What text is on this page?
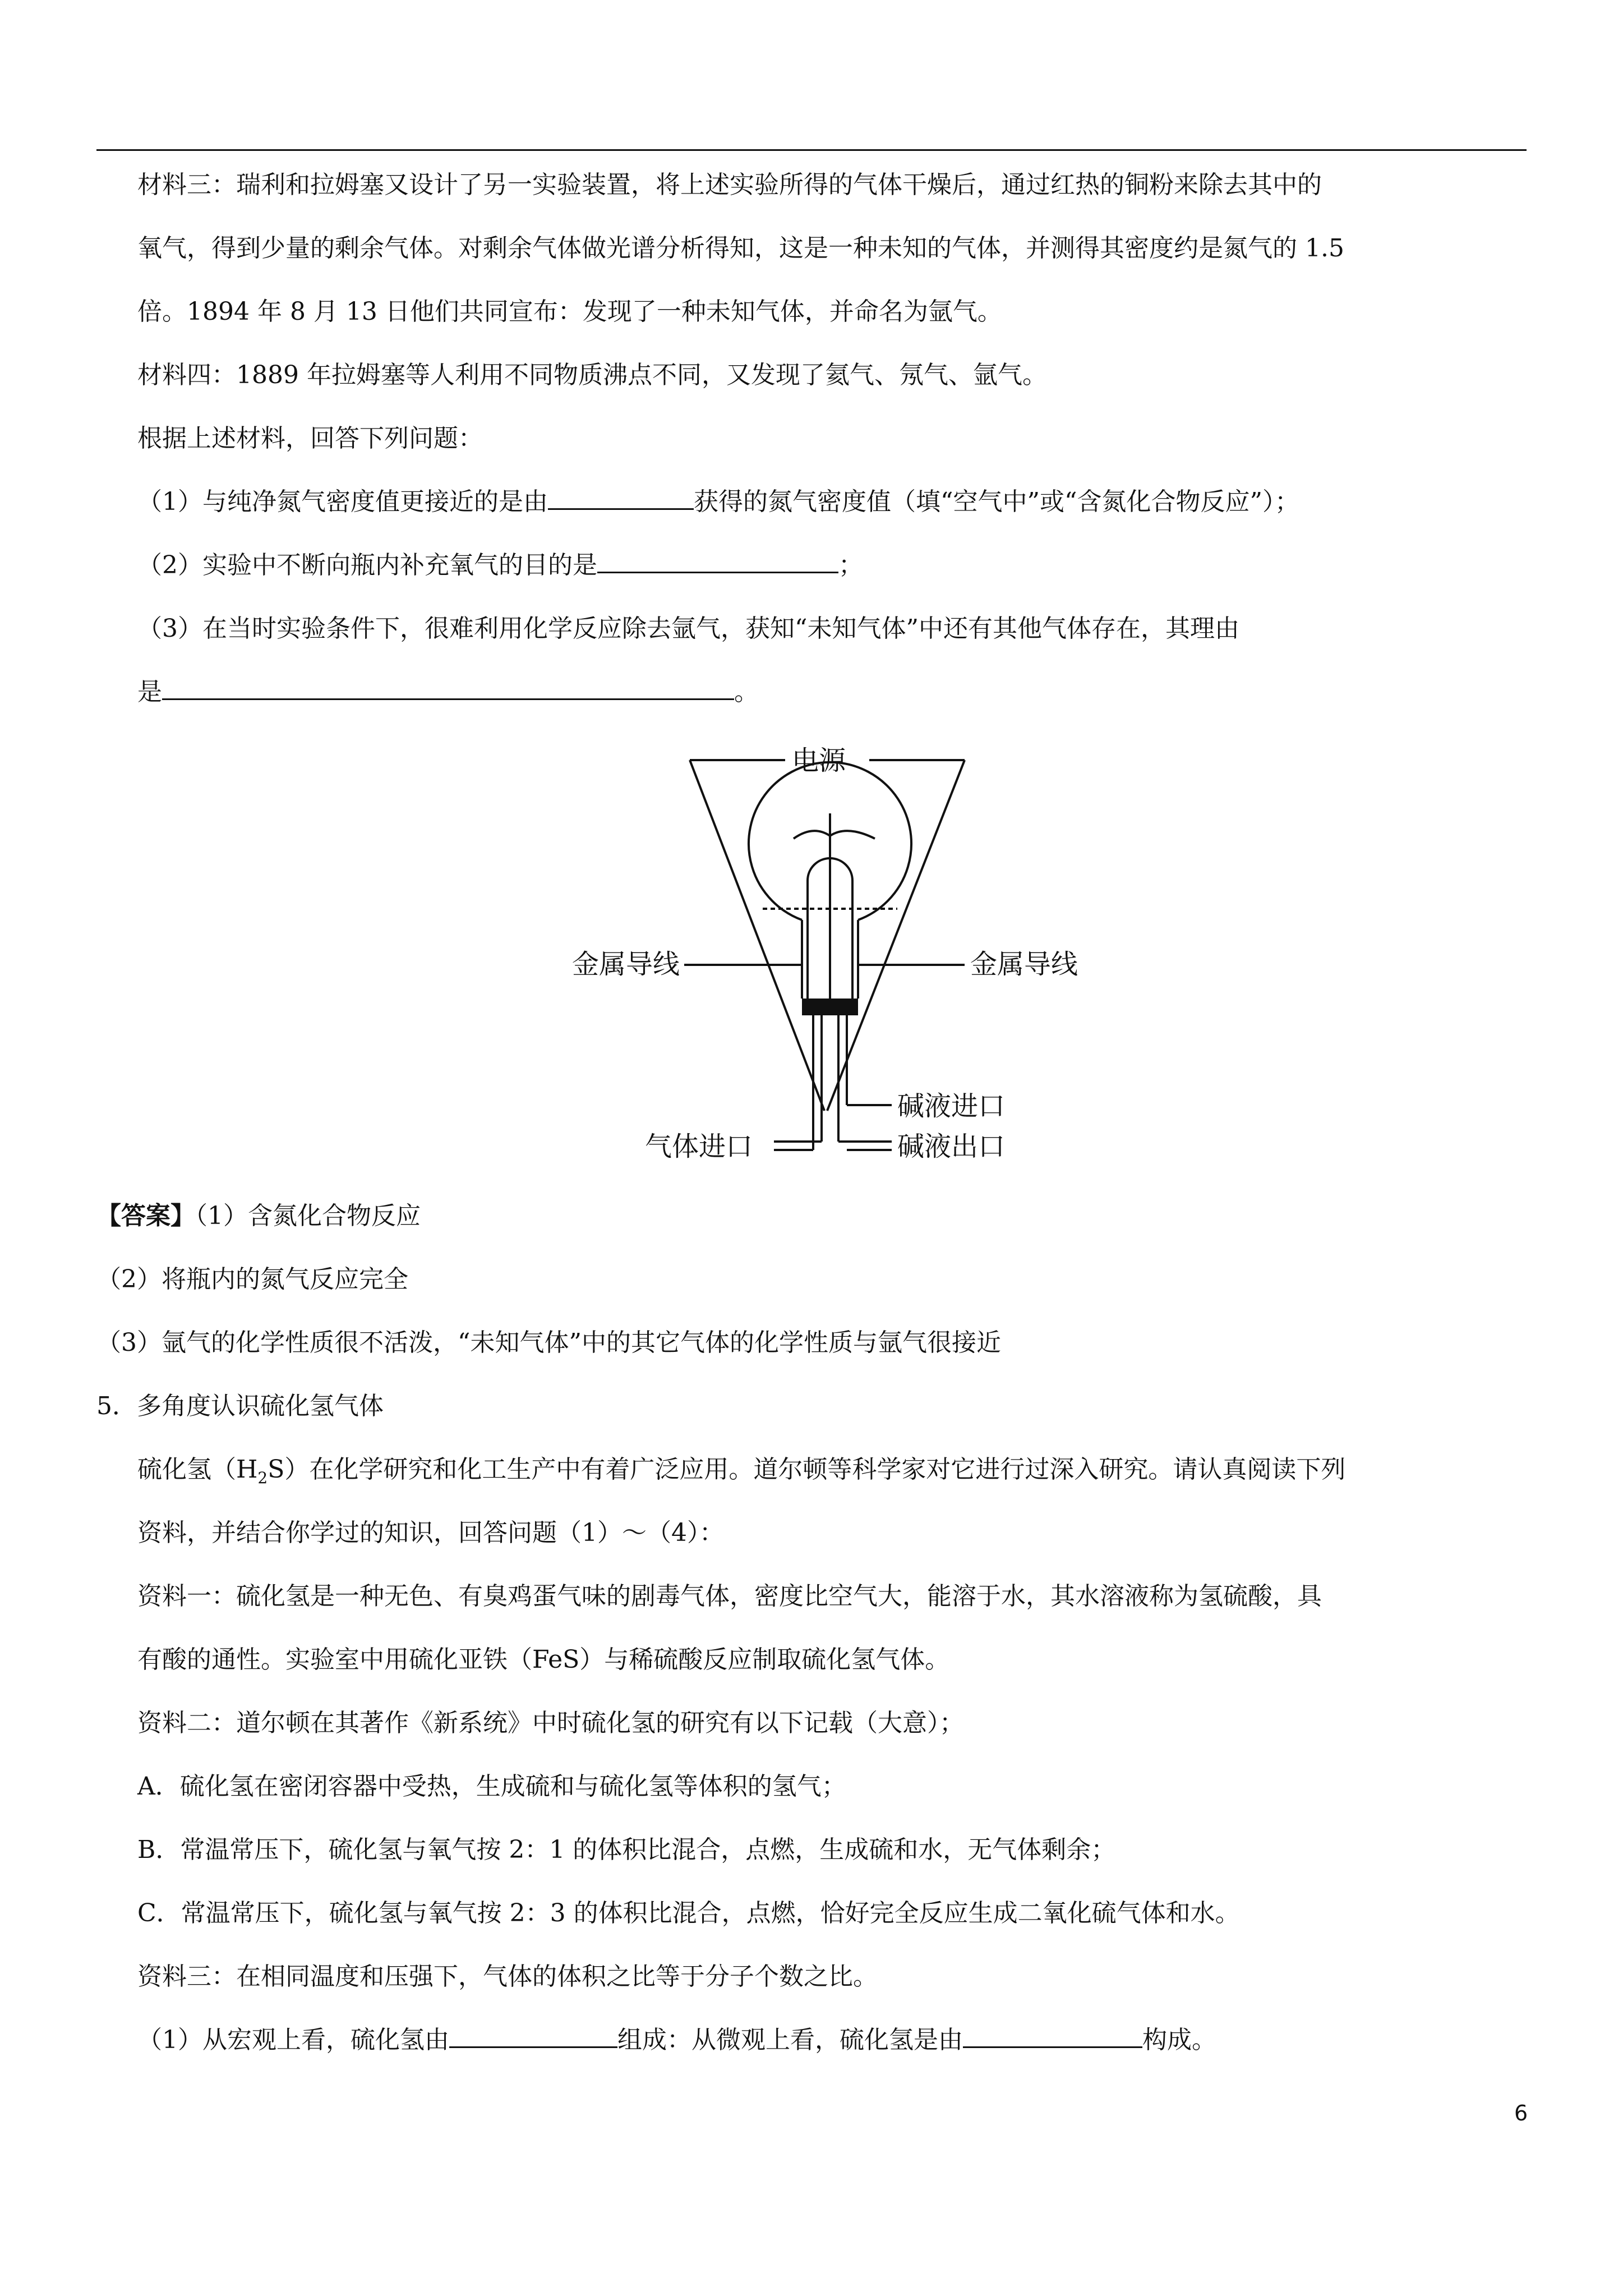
材料三：瑞利和拉姆塞又设计了另一实验装置，将上述实验所得的气体干燥后，通过红热的铜粉来除去其中的
氧气，得到少量的剩余气体。对剩余气体做光谱分析得知，这是一种未知的气体，并测得其密度约是氮气的 1.5
倍。1894 年 8 月 13 日他们共同宣布：发现了一种未知气体，并命名为氩气。
材料四：1889 年拉姆塞等人利用不同物质沸点不同，又发现了氦气、氖气、氩气。
根据上述材料，回答下列问题：
（1）与纯净氮气密度值更接近的是由	获得的氮气密度值（填“空气中”或“含氮化合物反应”）；
（2）实验中不断向瓶内补充氧气的目的是	；
（3）在当时实验条件下，很难利用化学反应除去氩气，获知“未知气体”中还有其他气体存在，其理由
是	。
电源
金属导线	金属导线
碱液进口
碱液出口
气体进口
【答案】（1）含氮化合物反应
（2）将瓶内的氮气反应完全
（3）氩气的化学性质很不活泼，“未知气体”中的其它气体的化学性质与氩气很接近
5．多角度认识硫化氢气体
硫化氢$(H_2S)$在化学研究和化工生产中有着广泛应用。道尔顿等科学家对它进行过深入研究。请认真阅读下列
资料，并结合你学过的知识，回答问题（1）～（4）：
资料一：硫化氢是一种无色、有臭鸡蛋气味的剧毒气体，密度比空气大，能溶于水，其水溶液称为氢硫酸，具
有酸的通性。实验室中用硫化亚铁（FeS）与稀硫酸反应制取硫化氢气体。
资料二：道尔顿在其著作《新系统》中时硫化氢的研究有以下记载（大意）；
A．硫化氢在密闭容器中受热，生成硫和与硫化氢等体积的氢气；
B．常温常压下，硫化氢与氧气按 2：1 的体积比混合，点燃，生成硫和水，无气体剩余；
C．常温常压下，硫化氢与氧气按 2：3 的体积比混合，点燃，恰好完全反应生成二氧化硫气体和水。
资料三：在相同温度和压强下，气体的体积之比等于分子个数之比。
（1）从宏观上看，硫化氢由	组成：从微观上看，硫化氢是由	构成。
6
